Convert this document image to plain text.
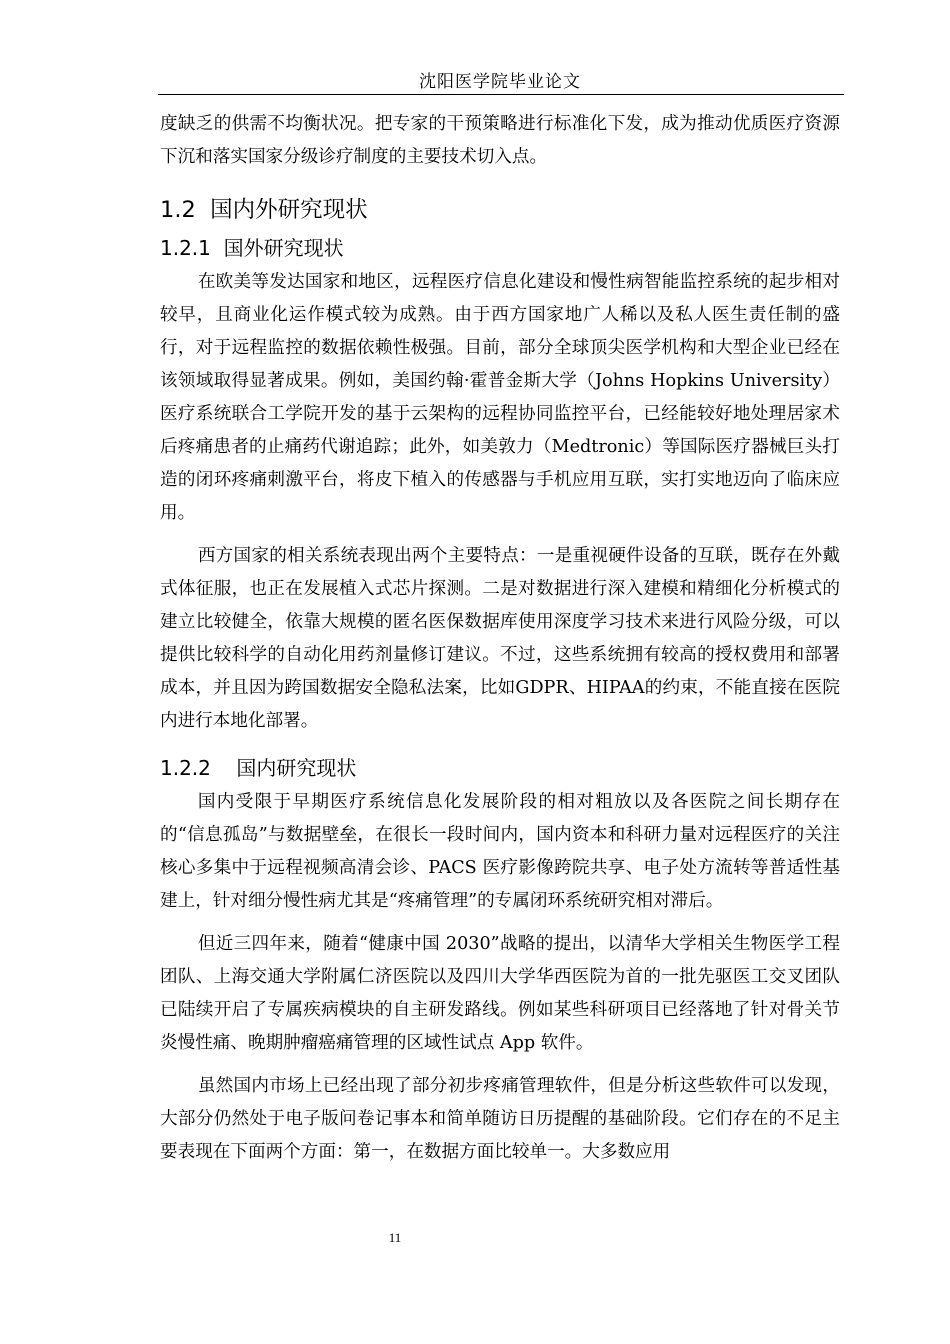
沈阳医学院毕业论文

度缺乏的供需不均衡状况。把专家的干预策略进行标准化下发，成为推动优质医疗资源下沉和落实国家分级诊疗制度的主要技术切入点。

1.2 国内外研究现状
1.2.1 国外研究现状

在欧美等发达国家和地区，远程医疗信息化建设和慢性病智能监控系统的起步相对较早，且商业化运作模式较为成熟。由于西方国家地广人稀以及私人医生责任制的盛行，对于远程监控的数据依赖性极强。目前，部分全球顶尖医学机构和大型企业已经在该领域取得显著成果。例如，美国约翰·霍普金斯大学（Johns Hopkins University）医疗系统联合工学院开发的基于云架构的远程协同监控平台，已经能较好地处理居家术后疼痛患者的止痛药代谢追踪；此外，如美敦力（Medtronic）等国际医疗器械巨头打造的闭环疼痛刺激平台，将皮下植入的传感器与手机应用互联，实打实地迈向了临床应用。

西方国家的相关系统表现出两个主要特点：一是重视硬件设备的互联，既存在外戴式体征服，也正在发展植入式芯片探测。二是对数据进行深入建模和精细化分析模式的建立比较健全，依靠大规模的匿名医保数据库使用深度学习技术来进行风险分级，可以提供比较科学的自动化用药剂量修订建议。不过，这些系统拥有较高的授权费用和部署成本，并且因为跨国数据安全隐私法案，比如GDPR、HIPAA的约束，不能直接在医院内进行本地化部署。

1.2.2 国内研究现状

国内受限于早期医疗系统信息化发展阶段的相对粗放以及各医院之间长期存在的“信息孤岛”与数据壁垒，在很长一段时间内，国内资本和科研力量对远程医疗的关注核心多集中于远程视频高清会诊、PACS 医疗影像跨院共享、电子处方流转等普适性基建上，针对细分慢性病尤其是“疼痛管理”的专属闭环系统研究相对滞后。

但近三四年来，随着“健康中国 2030”战略的提出，以清华大学相关生物医学工程团队、上海交通大学附属仁济医院以及四川大学华西医院为首的一批先驱医工交叉团队已陆续开启了专属疾病模块的自主研发路线。例如某些科研项目已经落地了针对骨关节炎慢性痛、晚期肿瘤癌痛管理的区域性试点 App 软件。

虽然国内市场上已经出现了部分初步疼痛管理软件，但是分析这些软件可以发现，大部分仍然处于电子版问卷记事本和简单随访日历提醒的基础阶段。它们存在的不足主要表现在下面两个方面：第一，在数据方面比较单一。大多数应用

11
